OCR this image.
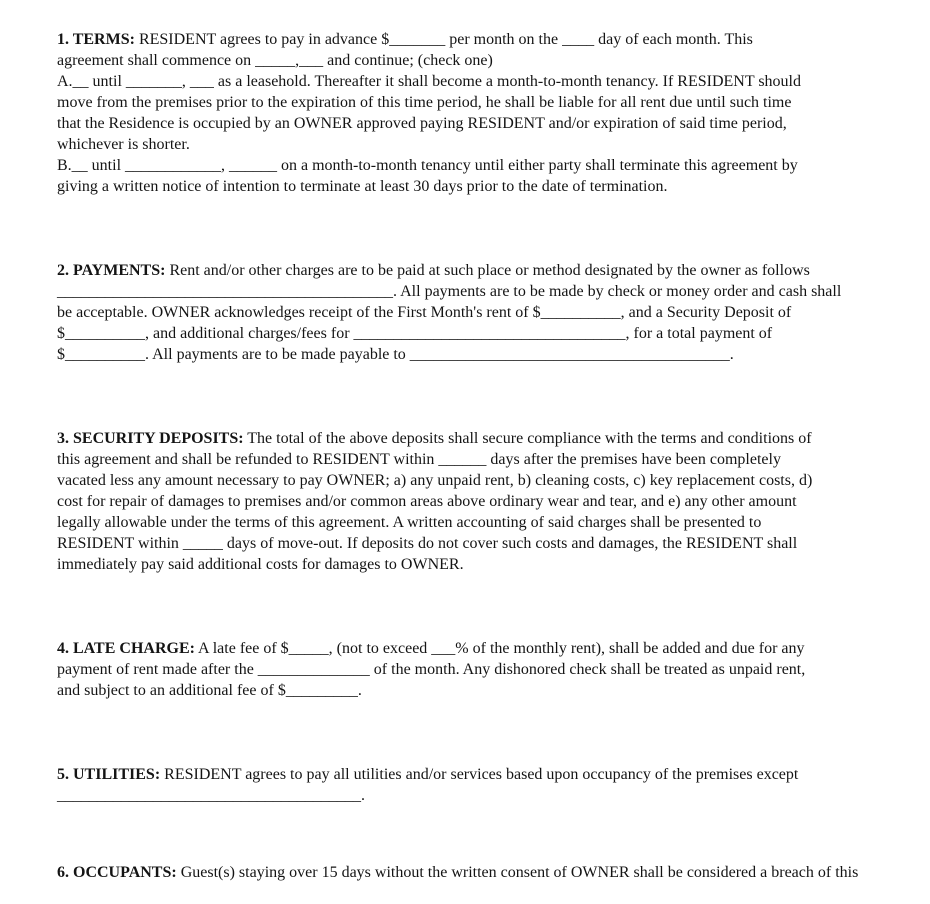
1. TERMS: RESIDENT agrees to pay in advance $_______ per month on the ____ day of each month. This
agreement shall commence on _____,___ and continue; (check one)
A.__ until _______, ___ as a leasehold. Thereafter it shall become a month-to-month tenancy. If RESIDENT should
move from the premises prior to the expiration of this time period, he shall be liable for all rent due until such time
that the Residence is occupied by an OWNER approved paying RESIDENT and/or expiration of said time period,
whichever is shorter.
B.__ until ____________, ______ on a month-to-month tenancy until either party shall terminate this agreement by
giving a written notice of intention to terminate at least 30 days prior to the date of termination.

2. PAYMENTS: Rent and/or other charges are to be paid at such place or method designated by the owner as follows
__________________________________________. All payments are to be made by check or money order and cash shall
be acceptable. OWNER acknowledges receipt of the First Month's rent of $__________, and a Security Deposit of
$__________, and additional charges/fees for __________________________________, for a total payment of
$__________. All payments are to be made payable to ________________________________________.

3. SECURITY DEPOSITS: The total of the above deposits shall secure compliance with the terms and conditions of
this agreement and shall be refunded to RESIDENT within ______ days after the premises have been completely
vacated less any amount necessary to pay OWNER; a) any unpaid rent, b) cleaning costs, c) key replacement costs, d)
cost for repair of damages to premises and/or common areas above ordinary wear and tear, and e) any other amount
legally allowable under the terms of this agreement. A written accounting of said charges shall be presented to
RESIDENT within _____ days of move-out. If deposits do not cover such costs and damages, the RESIDENT shall
immediately pay said additional costs for damages to OWNER.

4. LATE CHARGE: A late fee of $_____, (not to exceed ___% of the monthly rent), shall be added and due for any
payment of rent made after the ______________ of the month. Any dishonored check shall be treated as unpaid rent,
and subject to an additional fee of $_________.

5. UTILITIES: RESIDENT agrees to pay all utilities and/or services based upon occupancy of the premises except
______________________________________.

6. OCCUPANTS: Guest(s) staying over 15 days without the written consent of OWNER shall be considered a breach of this
